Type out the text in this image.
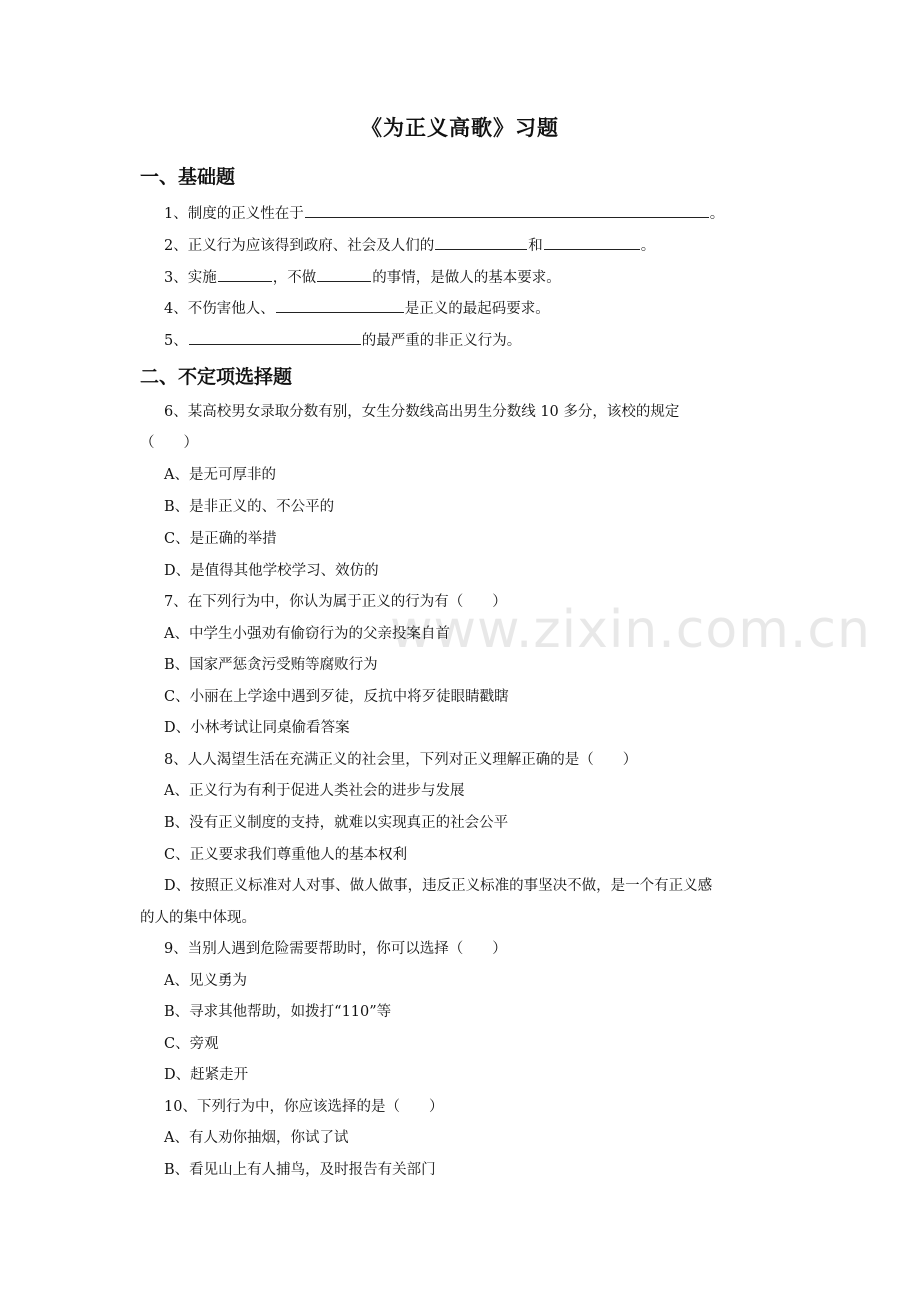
www.zixin.com.cn
《为正义高歌》习题
一、基础题
1、制度的正义性在于	。
2、正义行为应该得到政府、社会及人们的	和	。
3、实施	，不做	的事情，是做人的基本要求。
4、不伤害他人、	是正义的最起码要求。
5、	的最严重的非正义行为。
二、不定项选择题
6、某高校男女录取分数有别，女生分数线高出男生分数线 10 多分，该校的规定
（　　）
A、是无可厚非的
B、是非正义的、不公平的
C、是正确的举措
D、是值得其他学校学习、效仿的
7、在下列行为中，你认为属于正义的行为有（　　）
A、中学生小强劝有偷窃行为的父亲投案自首
B、国家严惩贪污受贿等腐败行为
C、小丽在上学途中遇到歹徒，反抗中将歹徒眼睛戳瞎
D、小林考试让同桌偷看答案
8、人人渴望生活在充满正义的社会里，下列对正义理解正确的是（　　）
A、正义行为有利于促进人类社会的进步与发展
B、没有正义制度的支持，就难以实现真正的社会公平
C、正义要求我们尊重他人的基本权利
D、按照正义标准对人对事、做人做事，违反正义标准的事坚决不做，是一个有正义感
的人的集中体现。
9、当别人遇到危险需要帮助时，你可以选择（　　）
A、见义勇为
B、寻求其他帮助，如拨打“110”等
C、旁观
D、赶紧走开
10、下列行为中，你应该选择的是（　　）
A、有人劝你抽烟，你试了试
B、看见山上有人捕鸟，及时报告有关部门
